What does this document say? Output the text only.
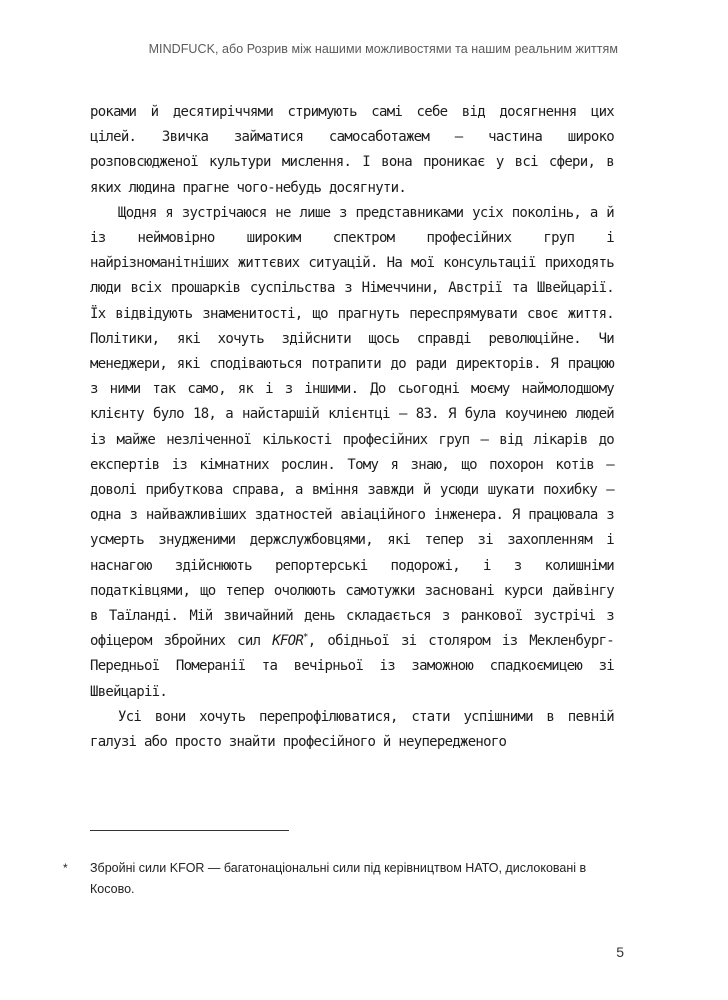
MINDFUCK, або Розрив між нашими можливостями та нашим реальним життям

роками й десятиріччями стримують самі себе від досягнення цих цілей. Звичка займатися самосаботажем — частина широко розповсюдженої культури мислення. І вона проникає у всі сфери, в яких людина прагне чого-небудь досягнути.

Щодня я зустрічаюся не лише з представниками усіх поколінь, а й із неймовірно широким спектром професійних груп і найрізноманітніших життєвих ситуацій. На мої консультації приходять люди всіх прошарків суспільства з Німеччини, Австрії та Швейцарії. Їх відвідують знаменитості, що прагнуть переспрямувати своє життя. Політики, які хочуть здійснити щось справді революційне. Чи менеджери, які сподіваються потрапити до ради директорів. Я працюю з ними так само, як і з іншими. До сьогодні моєму наймолодшому клієнту було 18, а найстаршій клієнтці — 83. Я була коучинею людей із майже незліченної кількості професійних груп — від лікарів до експертів із кімнатних рослин. Тому я знаю, що похорон котів — доволі прибуткова справа, а вміння завжди й усюди шукати похибку — одна з найважливіших здатностей авіаційного інженера. Я працювала з усмерть знудженими держслужбовцями, які тепер зі захопленням і наснагою здійснюють репортерські подорожі, і з колишніми податківцями, що тепер очолюють самотужки засновані курси дайвінгу в Таїланді. Мій звичайний день складається з ранкової зустрічі з офіцером збройних сил KFOR*, обідньої зі столяром із Мекленбург-Передньої Померанії та вечірньої із заможною спадкоємицею зі Швейцарії.

Усі вони хочуть перепрофілюватися, стати успішними в певній галузі або просто знайти професійного й неупередженого

* Збройні сили KFOR — багатонаціональні сили під керівництвом НАТО, дислоковані в Косово.
5
